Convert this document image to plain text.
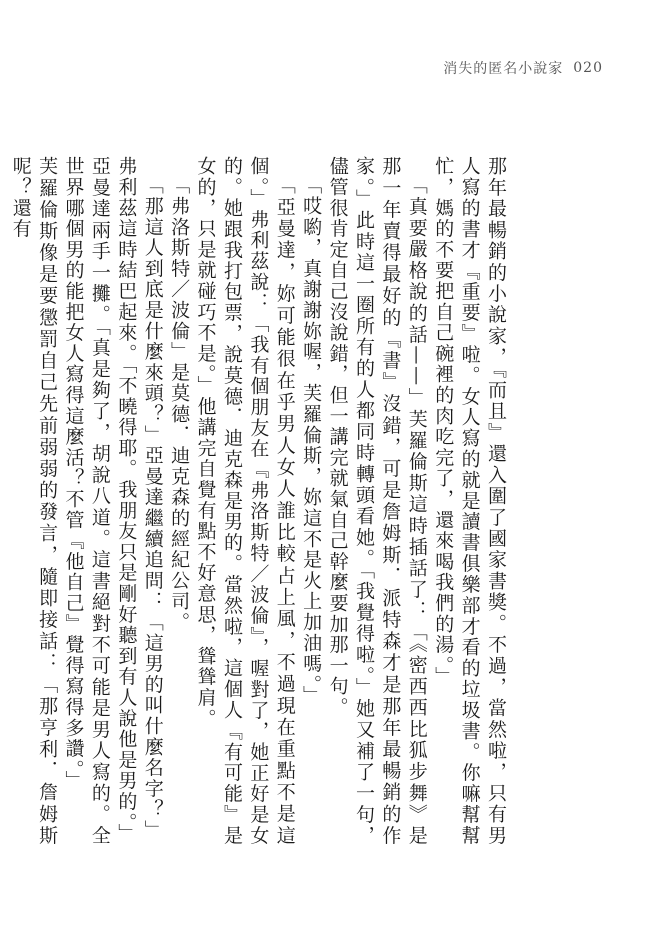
消失的匿名小說家 020

那年最暢銷的小說家，『而且』還入圍了國家書獎。不過，當然啦，只有男人寫的書才『重要』啦。女人寫的就是讀書俱樂部才看的垃圾書。你嘛幫幫忙，媽的不要把自己碗裡的肉吃完了，還來喝我們的湯。」

「真要嚴格說的話——」芙羅倫斯這時插話了：「《密西西比狐步舞》是那一年賣得最好的『書』沒錯，可是詹姆斯．派特森才是那年最暢銷的作家。」此時這一圈所有的人都同時轉頭看她。「我覺得啦。」她又補了一句，儘管很肯定自己沒說錯，但一講完就氣自己幹麼要加那一句。

「哎喲，真謝謝妳喔，芙羅倫斯，妳這不是火上加油嗎。」

「亞曼達，妳可能很在乎男人女人誰比較占上風，不過現在重點不是這個。」弗利茲說：「我有個朋友在『弗洛斯特／波倫』，喔對了，她正好是女的。她跟我打包票，說莫德．迪克森是男的。當然啦，這個人『有可能』是女的，只是就碰巧不是。」他講完自覺有點不好意思，聳聳肩。

「弗洛斯特／波倫」是莫德．迪克森的經紀公司。

「那這人到底是什麼來頭？」亞曼達繼續追問：「這男的叫什麼名字？」

弗利茲這時結巴起來。「不曉得耶。我朋友只是剛好聽到有人說他是男的。」

亞曼達兩手一攤。「真是夠了，胡說八道。這書絕對不可能是男人寫的。全世界哪個男的能把女人寫得這麼活？不管『他自己』覺得寫得多讚。」

芙羅倫斯像是要懲罰自己先前弱弱的發言，隨即接話：「那亨利．詹姆斯呢？還有
